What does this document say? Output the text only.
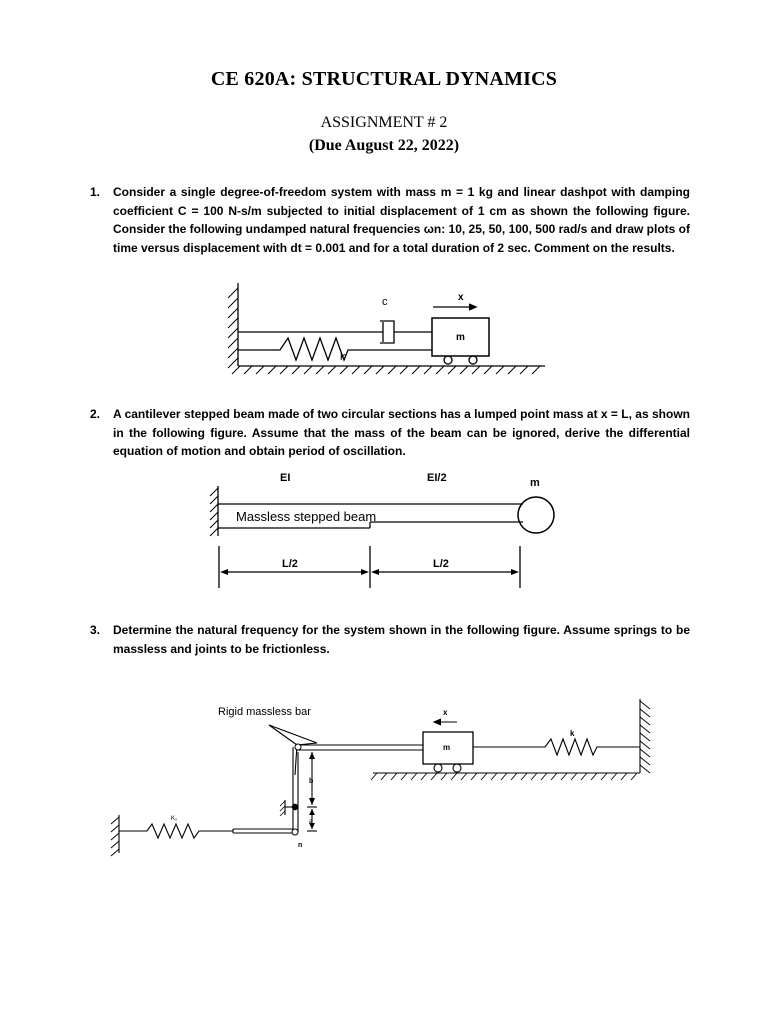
CE 620A: STRUCTURAL DYNAMICS
ASSIGNMENT # 2
(Due August 22, 2022)
1. Consider a single degree-of-freedom system with mass m = 1 kg and linear dashpot with damping coefficient C = 100 N-s/m subjected to initial displacement of 1 cm as shown the following figure. Consider the following undamped natural frequencies ωn: 10, 25, 50, 100, 500 rad/s and draw plots of time versus displacement with dt = 0.001 and for a total duration of 2 sec. Comment on the results.
c	x
m
k
2. A cantilever stepped beam made of two circular sections has a lumped point mass at x = L, as shown in the following figure. Assume that the mass of the beam can be ignored, derive the differential equation of motion and obtain period of oscillation.
EI	EI/2	m
Massless stepped beam
L/2	L/2
3. Determine the natural frequency for the system shown in the following figure. Assume springs to be massless and joints to be frictionless.
Rigid massless bar	x
m
k
K₁
b
a
n
